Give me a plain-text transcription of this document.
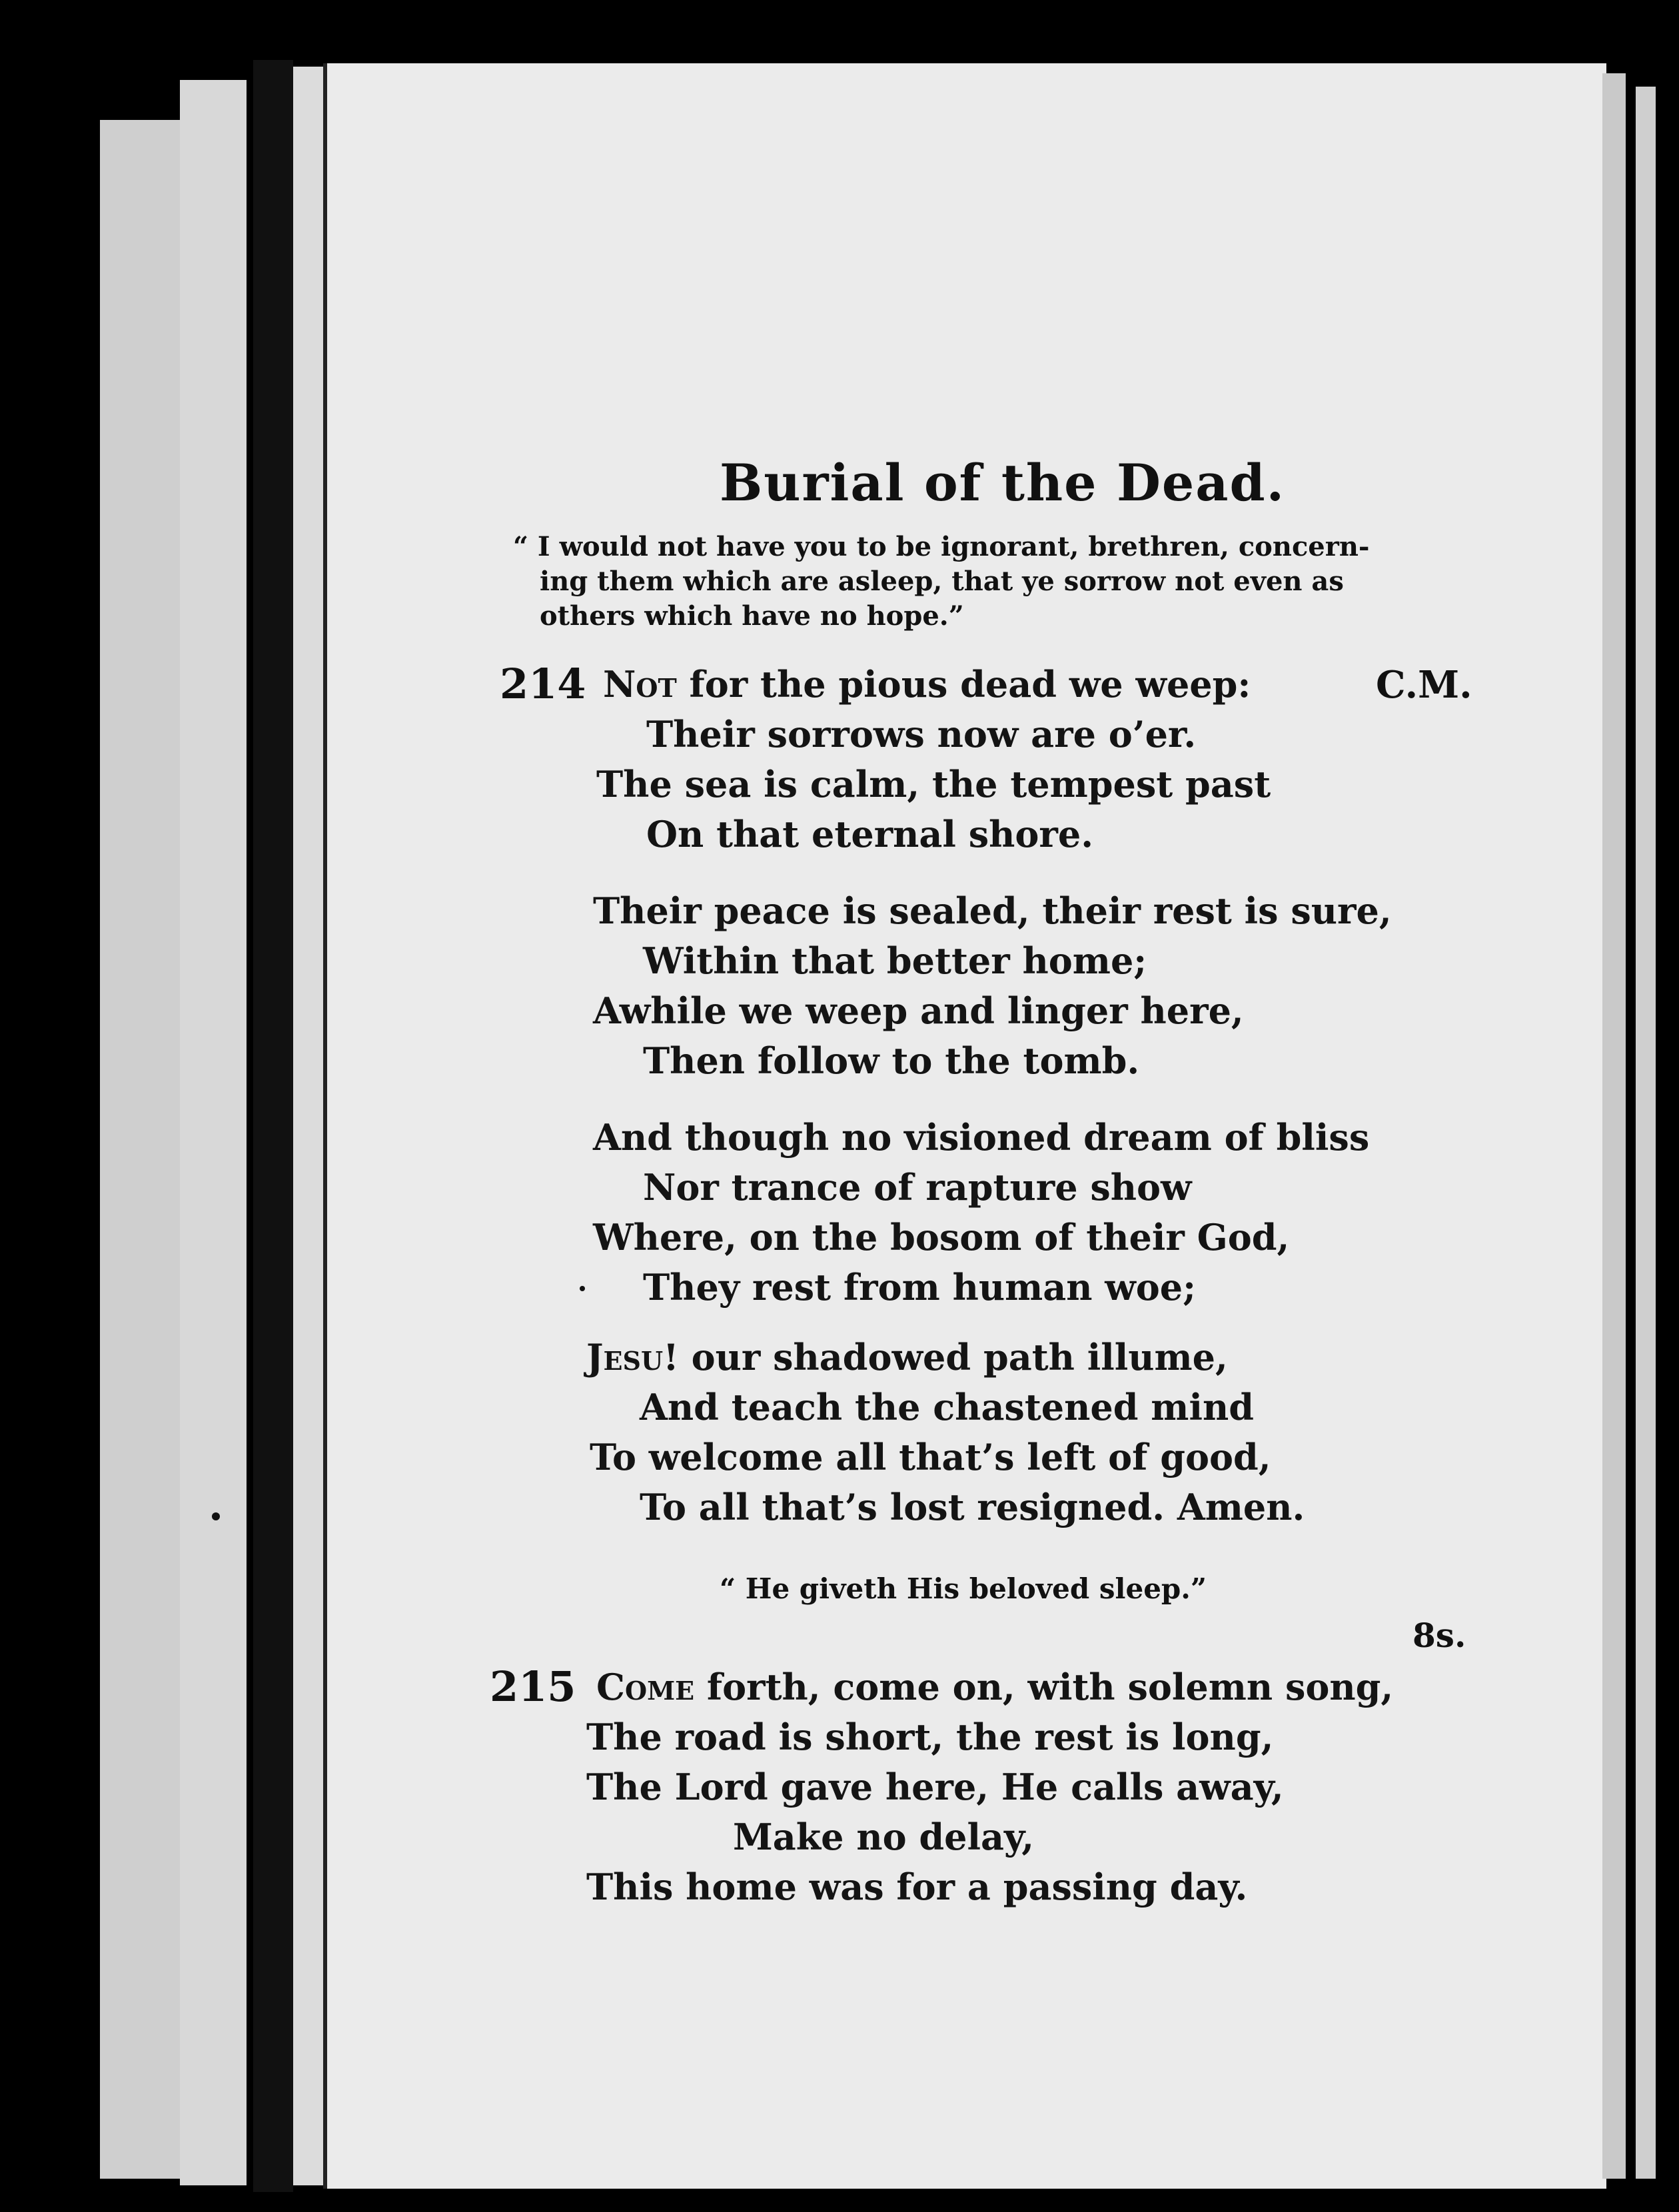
Burial of the Dead.
“ I would not have you to be ignorant, brethren, concern-
ing them which are asleep, that ye sorrow not even as
others which have no hope.”
214	C.M.
Not for the pious dead we weep:
Their sorrows now are o’er.
The sea is calm, the tempest past
On that eternal shore.
Their peace is sealed, their rest is sure,
Within that better home;
Awhile we weep and linger here,
Then follow to the tomb.
And though no visioned dream of bliss
Nor trance of rapture show
Where, on the bosom of their God,
They rest from human woe;
Jesu! our shadowed path illume,
And teach the chastened mind
To welcome all that’s left of good,
To all that’s lost resigned. Amen.
“ He giveth His beloved sleep.”
8s.
215 Come forth, come on, with solemn song,
The road is short, the rest is long,
The Lord gave here, He calls away,
Make no delay,
This home was for a passing day.
